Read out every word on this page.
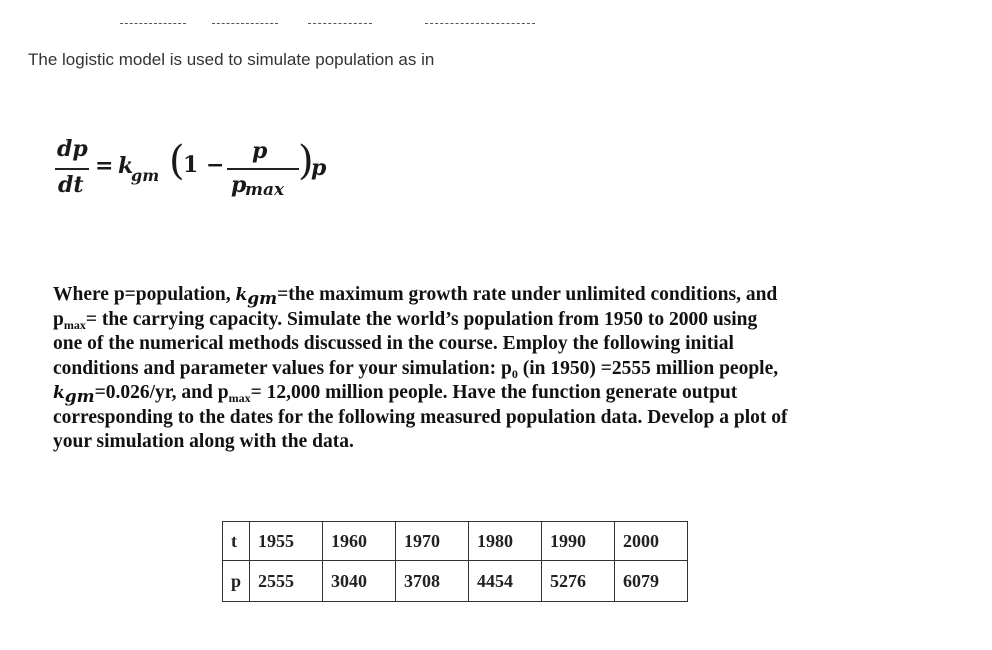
The logistic model is used to simulate population as in
dp
dt
= k
gm (
1 −
p
p
max
)
p
Where p=population, $k_{gm}=the$ maximum growth rate under unlimited conditions, and
$p_{max}=$ the carrying capacity. Simulate the world’s population from 1950 to 2000 using
one of the numerical methods discussed in the course. Employ the following initial
conditions and parameter values for your simulation: $p_0$ (in 1950) =2555 million people,
$k_{gm}=0.026/yr$, and $p_{max}= 12,000$ million people. Have the function generate output
corresponding to the dates for the following measured population data. Develop a plot of
your simulation along with the data.
t	1955	1960	1970	1980	1990	2000
p	2555	3040	3708	4454	5276	6079
